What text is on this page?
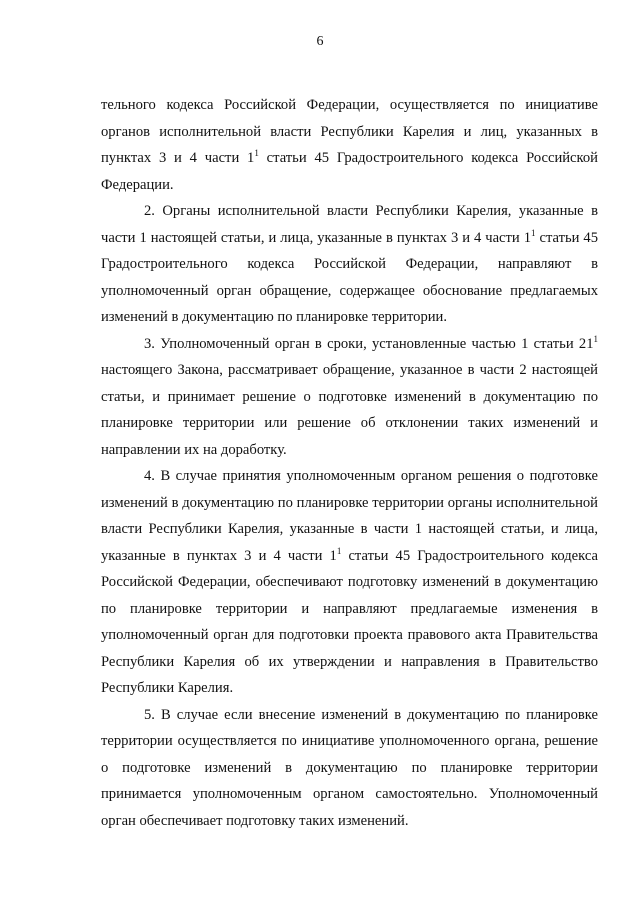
6

тельного кодекса Российской Федерации, осуществляется по инициативе органов исполнительной власти Республики Карелия и лиц, указанных в пунктах 3 и 4 части $1^1$ статьи 45 Градостроительного кодекса Российской Федерации.

2. Органы исполнительной власти Республики Карелия, указанные в части 1 настоящей статьи, и лица, указанные в пунктах 3 и 4 части $1^1$ статьи 45 Градостроительного кодекса Российской Федерации, направляют в уполномоченный орган обращение, содержащее обоснование предлагаемых изменений в документацию по планировке территории.

3. Уполномоченный орган в сроки, установленные частью 1 статьи $21^1$ настоящего Закона, рассматривает обращение, указанное в части 2 настоящей статьи, и принимает решение о подготовке изменений в документацию по планировке территории или решение об отклонении таких изменений и направлении их на доработку.

4. В случае принятия уполномоченным органом решения о подготовке изменений в документацию по планировке территории органы исполнительной власти Республики Карелия, указанные в части 1 настоящей статьи, и лица, указанные в пунктах 3 и 4 части $1^1$ статьи 45 Градостроительного кодекса Российской Федерации, обеспечивают подготовку изменений в документацию по планировке территории и направляют предлагаемые изменения в уполномоченный орган для подготовки проекта правового акта Правительства Республики Карелия об их утверждении и направления в Правительство Республики Карелия.

5. В случае если внесение изменений в документацию по планировке территории осуществляется по инициативе уполномоченного органа, решение о подготовке изменений в документацию по планировке территории принимается уполномоченным органом самостоятельно. Уполномоченный орган обеспечивает подготовку таких изменений.
